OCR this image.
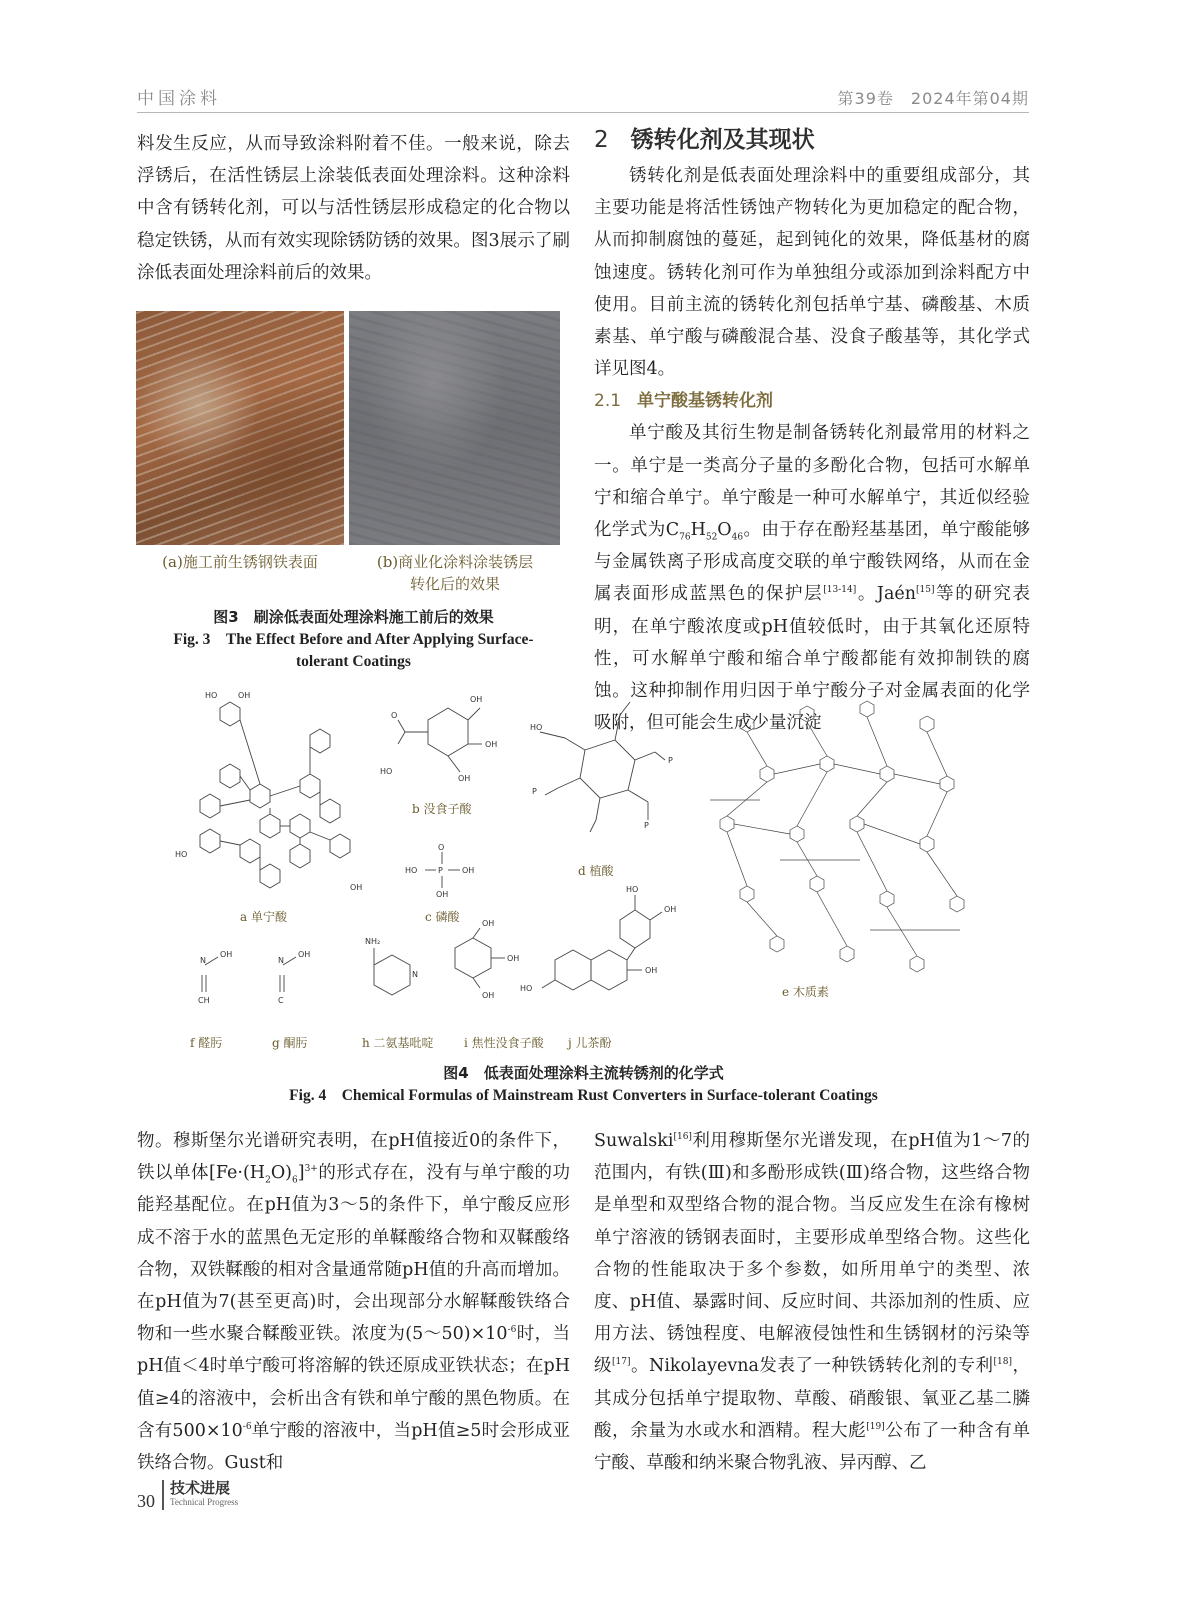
中国涂料	第39卷　2024年第04期

料发生反应，从而导致涂料附着不佳。一般来说，除去浮锈后，在活性锈层上涂装低表面处理涂料。这种涂料中含有锈转化剂，可以与活性锈层形成稳定的化合物以稳定铁锈，从而有效实现除锈防锈的效果。图3展示了刷涂低表面处理涂料前后的效果。

(a)施工前生锈钢铁表面	(b)商业化涂料涂装锈层
转化后的效果
图3　刷涂低表面处理涂料施工前后的效果
Fig. 3　The Effect Before and After Applying Surface-
tolerant Coatings
2 锈转化剂及其现状

锈转化剂是低表面处理涂料中的重要组成部分，其主要功能是将活性锈蚀产物转化为更加稳定的配合物，从而抑制腐蚀的蔓延，起到钝化的效果，降低基材的腐蚀速度。锈转化剂可作为单独组分或添加到涂料配方中使用。目前主流的锈转化剂包括单宁基、磷酸基、木质素基、单宁酸与磷酸混合基、没食子酸基等，其化学式详见图4。

2.1 单宁酸基锈转化剂

单宁酸及其衍生物是制备锈转化剂最常用的材料之一。单宁是一类高分子量的多酚化合物，包括可水解单宁和缩合单宁。单宁酸是一种可水解单宁，其近似经验化学式为$C_{76}H_{52}O_{46}$。由于存在酚羟基基团，单宁酸能够与金属铁离子形成高度交联的单宁酸铁网络，从而在金属表面形成蓝黑色的保护层[13-14]。Jaén[15]等的研究表明，在单宁酸浓度或pH值较低时，由于其氧化还原特性，可水解单宁酸和缩合单宁酸都能有效抑制铁的腐蚀。这种抑制作用归因于单宁酸分子对金属表面的化学吸附，但可能会生成少量沉淀

HO	OH
HO
OH
OH
OH
OH
HO
O
HO	P OH
O
OH
HO
P
P
P
N
OH
CH
N
OH
C
NH₂
N
OH
OH
OH
HO
OH
HO
OH
a 单宁酸
b 没食子酸
c 磷酸
d 植酸
e 木质素
f 醛肟	g 酮肟	h 二氨基吡啶	i 焦性没食子酸 j 儿茶酚
图4　低表面处理涂料主流转锈剂的化学式
Fig. 4　Chemical Formulas of Mainstream Rust Converters in Surface-tolerant Coatings

物。穆斯堡尔光谱研究表明，在pH值接近0的条件下，铁以单体$[Fe\cdot(H_2O)_6]^{3+}$的形式存在，没有与单宁酸的功能羟基配位。在pH值为3～5的条件下，单宁酸反应形成不溶于水的蓝黑色无定形的单鞣酸络合物和双鞣酸络合物，双铁鞣酸的相对含量通常随pH值的升高而增加。在pH值为7(甚至更高)时，会出现部分水解鞣酸铁络合物和一些水聚合鞣酸亚铁。浓度为$(5\sim 50)\times 10^{-6}$时，当pH值＜4时单宁酸可将溶解的铁还原成亚铁状态；在pH值≥4的溶液中，会析出含有铁和单宁酸的黑色物质。在含有$500\times 10^{-6}$单宁酸的溶液中，当pH值≥5时会形成亚铁络合物。Gust和

Suwalski[16]利用穆斯堡尔光谱发现，在pH值为1～7的范围内，有铁(Ⅲ)和多酚形成铁(Ⅲ)络合物，这些络合物是单型和双型络合物的混合物。当反应发生在涂有橡树单宁溶液的锈钢表面时，主要形成单型络合物。这些化合物的性能取决于多个参数，如所用单宁的类型、浓度、pH值、暴露时间、反应时间、共添加剂的性质、应用方法、锈蚀程度、电解液侵蚀性和生锈钢材的污染等级[17]。Nikolayevna发表了一种铁锈转化剂的专利[18]，其成分包括单宁提取物、草酸、硝酸银、氧亚乙基二膦酸，余量为水或水和酒精。程大彪[19]公布了一种含有单宁酸、草酸和纳米聚合物乳液、异丙醇、乙

30
技术进展
Technical Progress
